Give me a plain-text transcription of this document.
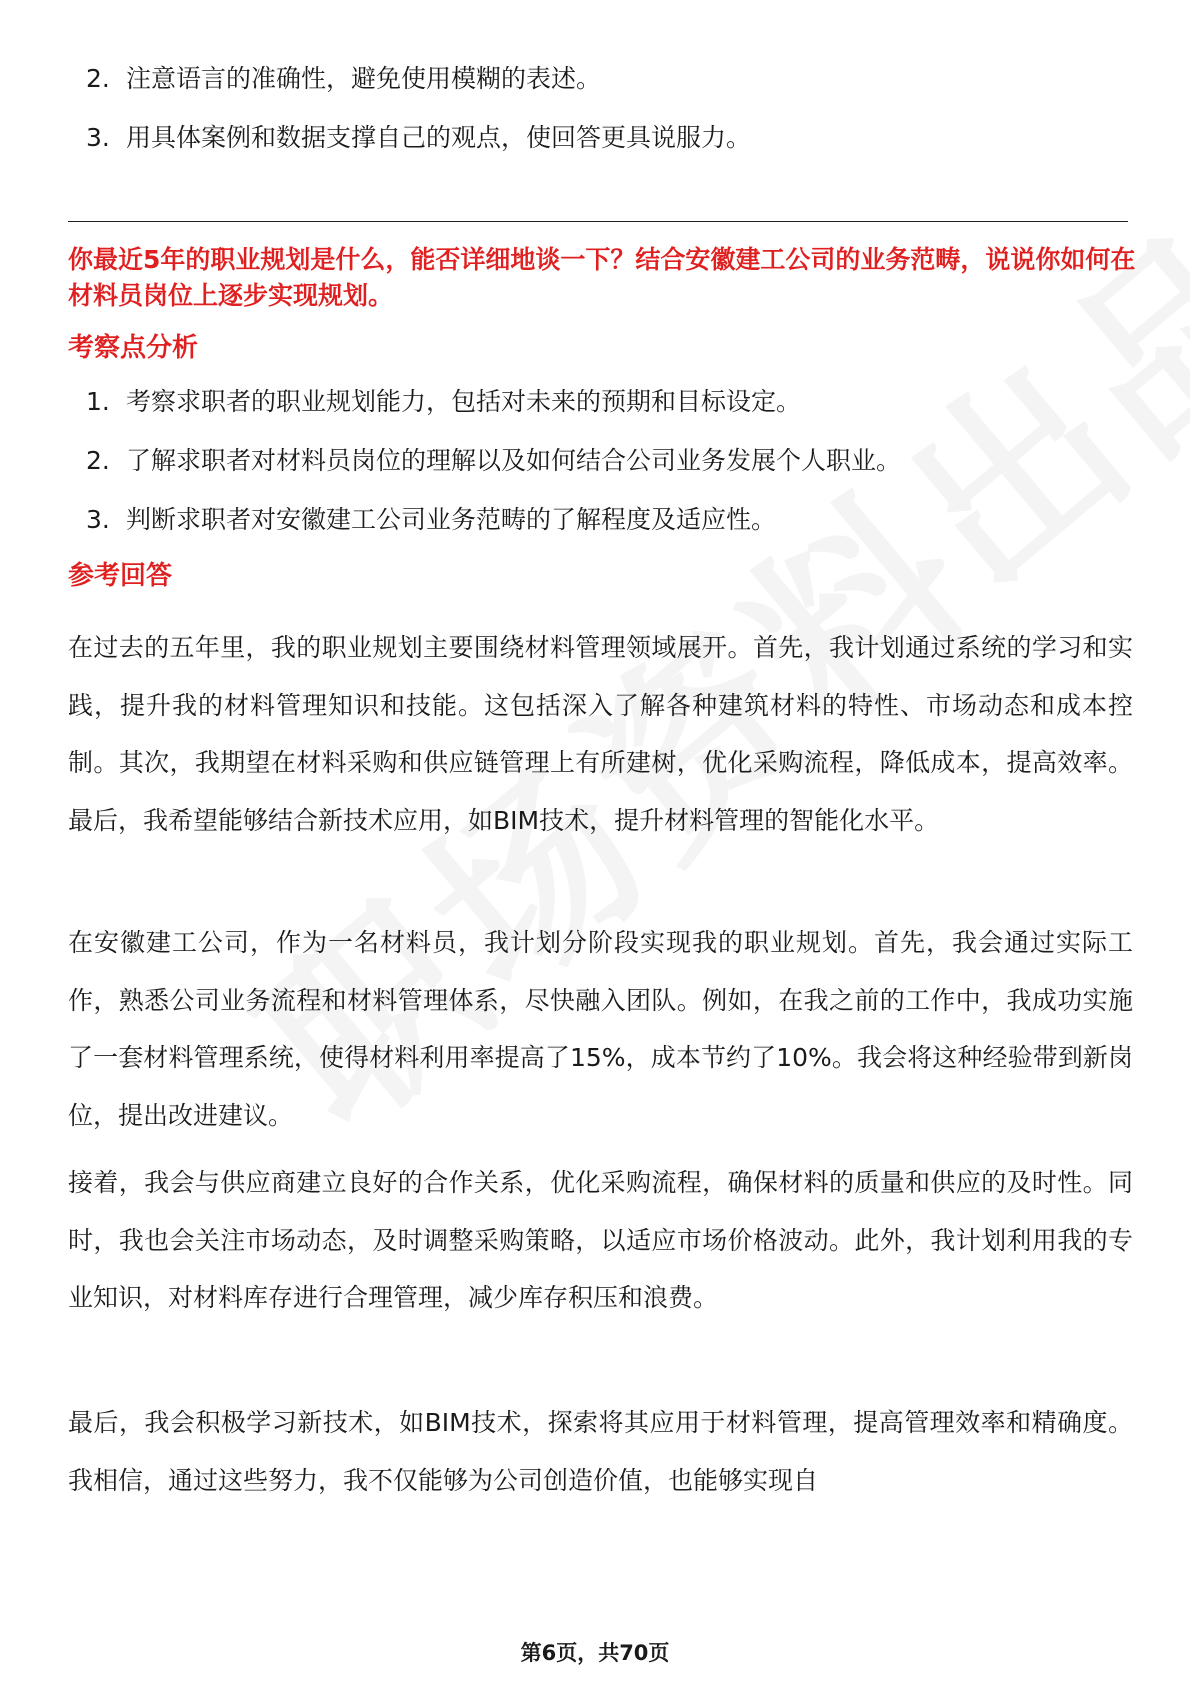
2. 注意语言的准确性，避免使用模糊的表述。
3. 用具体案例和数据支撑自己的观点，使回答更具说服力。

你最近5年的职业规划是什么，能否详细地谈一下？结合安徽建工公司的业务范畴，说说你如何在材料员岗位上逐步实现规划。

考察点分析
1. 考察求职者的职业规划能力，包括对未来的预期和目标设定。
2. 了解求职者对材料员岗位的理解以及如何结合公司业务发展个人职业。
3. 判断求职者对安徽建工公司业务范畴的了解程度及适应性。
参考回答

在过去的五年里，我的职业规划主要围绕材料管理领域展开。首先，我计划通过系统的学习和实践，提升我的材料管理知识和技能。这包括深入了解各种建筑材料的特性、市场动态和成本控制。其次，我期望在材料采购和供应链管理上有所建树，优化采购流程，降低成本，提高效率。最后，我希望能够结合新技术应用，如BIM技术，提升材料管理的智能化水平。

在安徽建工公司，作为一名材料员，我计划分阶段实现我的职业规划。首先，我会通过实际工作，熟悉公司业务流程和材料管理体系，尽快融入团队。例如，在我之前的工作中，我成功实施了一套材料管理系统，使得材料利用率提高了15%，成本节约了10%。我会将这种经验带到新岗位，提出改进建议。

接着，我会与供应商建立良好的合作关系，优化采购流程，确保材料的质量和供应的及时性。同时，我也会关注市场动态，及时调整采购策略，以适应市场价格波动。此外，我计划利用我的专业知识，对材料库存进行合理管理，减少库存积压和浪费。

最后，我会积极学习新技术，如BIM技术，探索将其应用于材料管理，提高管理效率和精确度。我相信，通过这些努力，我不仅能够为公司创造价值，也能够实现自

第6页，共70页
